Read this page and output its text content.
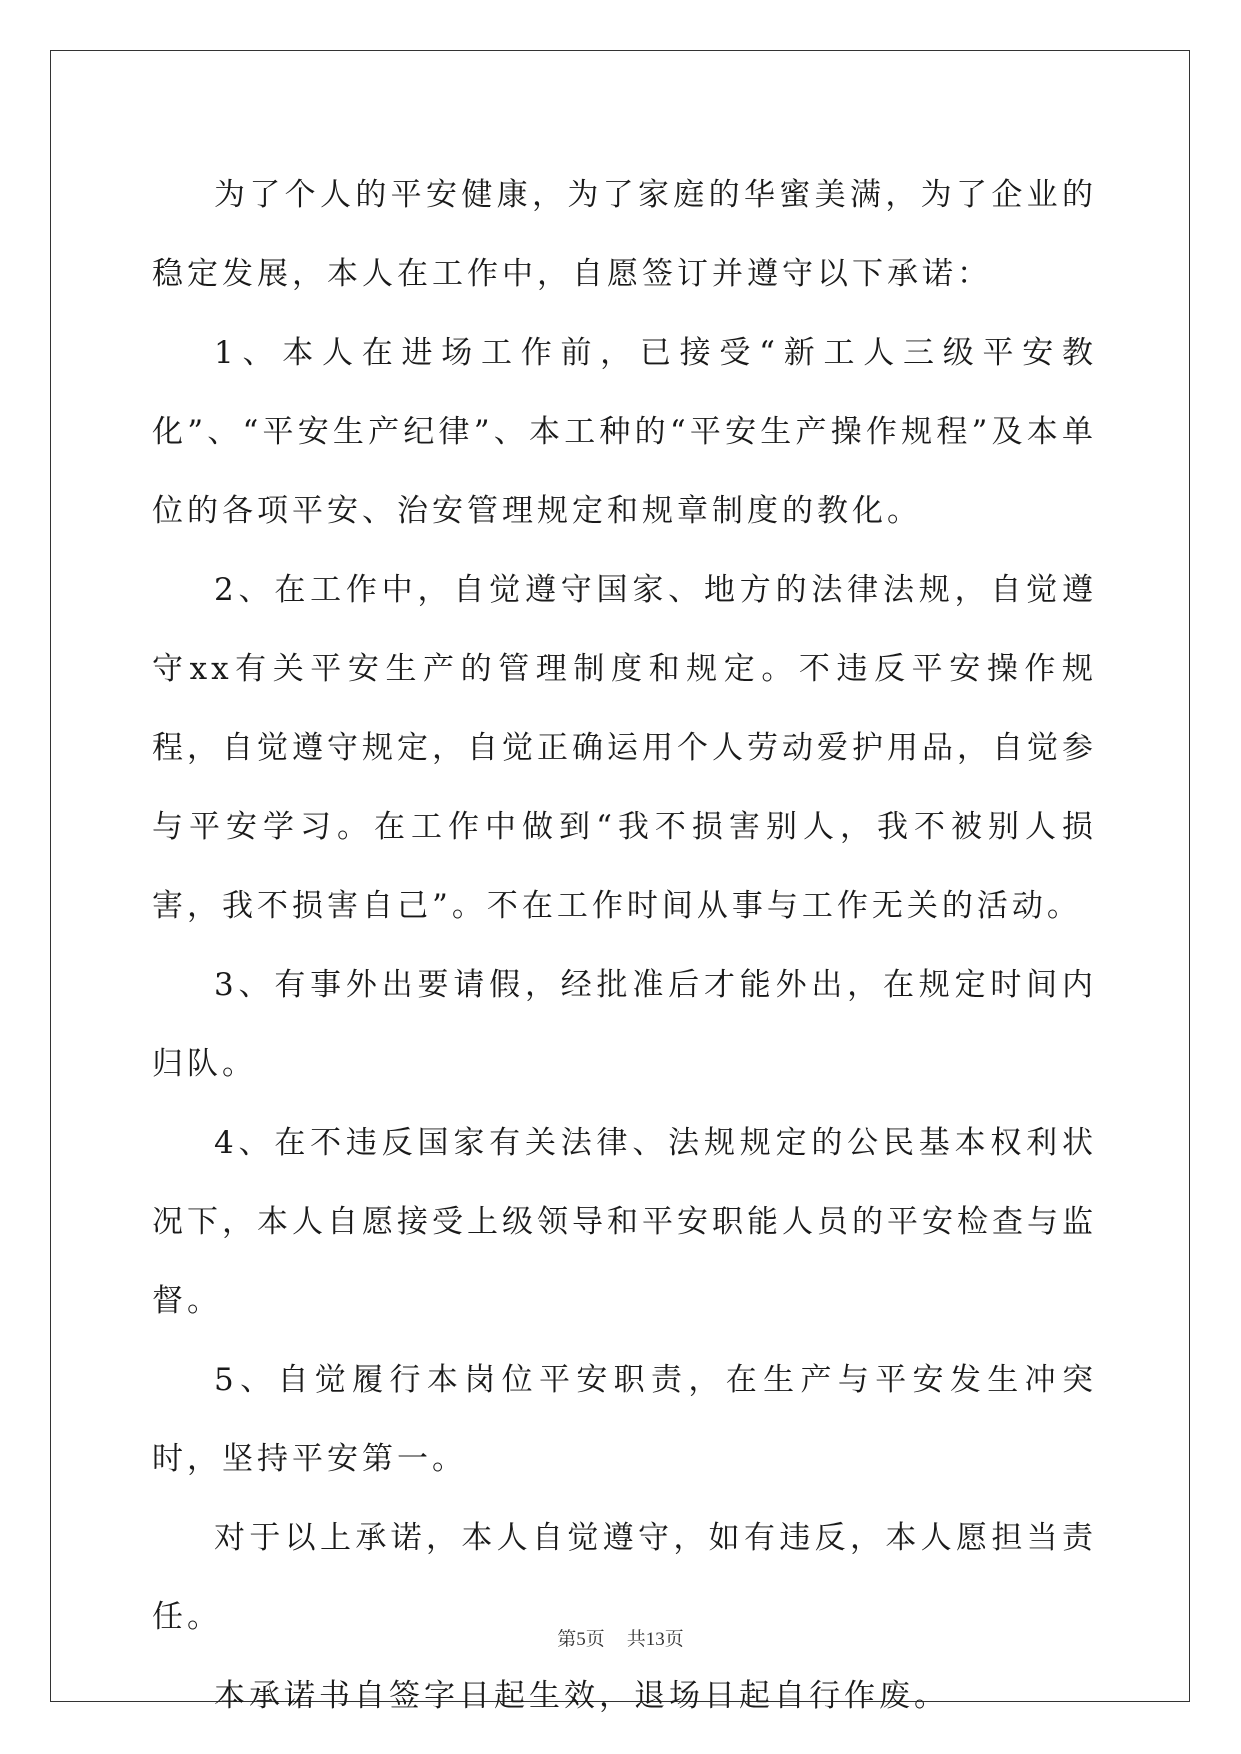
为了个人的平安健康，为了家庭的华蜜美满，为了企业的稳定发展，本人在工作中，自愿签订并遵守以下承诺：

1、本人在进场工作前，已接受“新工人三级平安教化”、“平安生产纪律”、本工种的“平安生产操作规程”及本单位的各项平安、治安管理规定和规章制度的教化。

2、在工作中，自觉遵守国家、地方的法律法规，自觉遵守xx有关平安生产的管理制度和规定。不违反平安操作规程，自觉遵守规定，自觉正确运用个人劳动爱护用品，自觉参与平安学习。在工作中做到“我不损害别人，我不被别人损害，我不损害自己”。不在工作时间从事与工作无关的活动。

3、有事外出要请假，经批准后才能外出，在规定时间内归队。

4、在不违反国家有关法律、法规规定的公民基本权利状况下，本人自愿接受上级领导和平安职能人员的平安检查与监督。

5、自觉履行本岗位平安职责，在生产与平安发生冲突时，坚持平安第一。

对于以上承诺，本人自觉遵守，如有违反，本人愿担当责任。

本承诺书自签字日起生效，退场日起自行作废。

第5页 共13页
